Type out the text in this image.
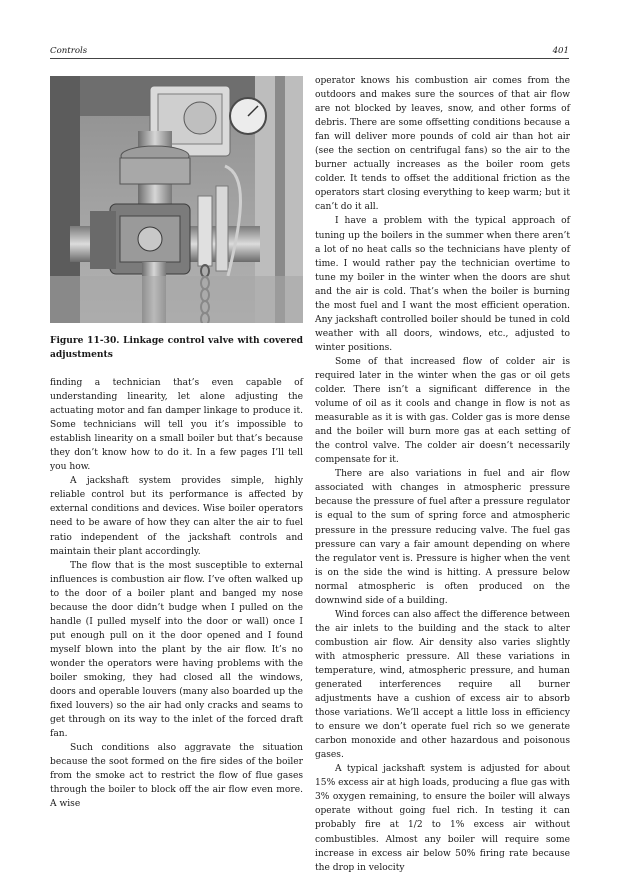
Controls	401
Figure 11-30. Linkage control valve with covered adjustments

finding a technician that’s even capable of understanding linearity, let alone adjusting the actuating motor and fan damper linkage to produce it. Some technicians will tell you it’s impossible to establish linearity on a small boiler but that’s because they don’t know how to do it. In a few pages I’ll tell you how.

A jackshaft system provides simple, highly reliable control but its performance is affected by external conditions and devices. Wise boiler operators need to be aware of how they can alter the air to fuel ratio independent of the jackshaft controls and maintain their plant accordingly.

The flow that is the most susceptible to external influences is combustion air flow. I’ve often walked up to the door of a boiler plant and banged my nose because the door didn’t budge when I pulled on the handle (I pulled myself into the door or wall) once I put enough pull on it the door opened and I found myself blown into the plant by the air flow. It’s no wonder the operators were having problems with the boiler smoking, they had closed all the windows, doors and operable louvers (many also boarded up the fixed louvers) so the air had only cracks and seams to get through on its way to the inlet of the forced draft fan.

Such conditions also aggravate the situation because the soot formed on the fire sides of the boiler from the smoke act to restrict the flow of flue gases through the boiler to block off the air flow even more. A wise

operator knows his combustion air comes from the outdoors and makes sure the sources of that air flow are not blocked by leaves, snow, and other forms of debris. There are some offsetting conditions because a fan will deliver more pounds of cold air than hot air (see the section on centrifugal fans) so the air to the burner actually increases as the boiler room gets colder. It tends to offset the additional friction as the operators start closing everything to keep warm; but it can’t do it all.

I have a problem with the typical approach of tuning up the boilers in the summer when there aren’t a lot of no heat calls so the technicians have plenty of time. I would rather pay the technician overtime to tune my boiler in the winter when the doors are shut and the air is cold. That’s when the boiler is burning the most fuel and I want the most efficient operation. Any jackshaft controlled boiler should be tuned in cold weather with all doors, windows, etc., adjusted to winter positions.

Some of that increased flow of colder air is required later in the winter when the gas or oil gets colder. There isn’t a significant difference in the volume of oil as it cools and change in flow is not as measurable as it is with gas. Colder gas is more dense and the boiler will burn more gas at each setting of the control valve. The colder air doesn’t necessarily compensate for it.

There are also variations in fuel and air flow associated with changes in atmospheric pressure because the pressure of fuel after a pressure regulator is equal to the sum of spring force and atmospheric pressure in the pressure reducing valve. The fuel gas pressure can vary a fair amount depending on where the regulator vent is. Pressure is higher when the vent is on the side the wind is hitting. A pressure below normal atmospheric is often produced on the downwind side of a building.

Wind forces can also affect the difference between the air inlets to the building and the stack to alter combustion air flow. Air density also varies slightly with atmospheric pressure. All these variations in temperature, wind, atmospheric pressure, and human generated interferences require all burner adjustments have a cushion of excess air to absorb those variations. We’ll accept a little loss in efficiency to ensure we don’t operate fuel rich so we generate carbon monoxide and other hazardous and poisonous gases.

A typical jackshaft system is adjusted for about 15% excess air at high loads, producing a flue gas with 3% oxygen remaining, to ensure the boiler will always operate without going fuel rich. In testing it can probably fire at 1/2 to 1% excess air without combustibles. Almost any boiler will require some increase in excess air below 50% firing rate because the drop in velocity
